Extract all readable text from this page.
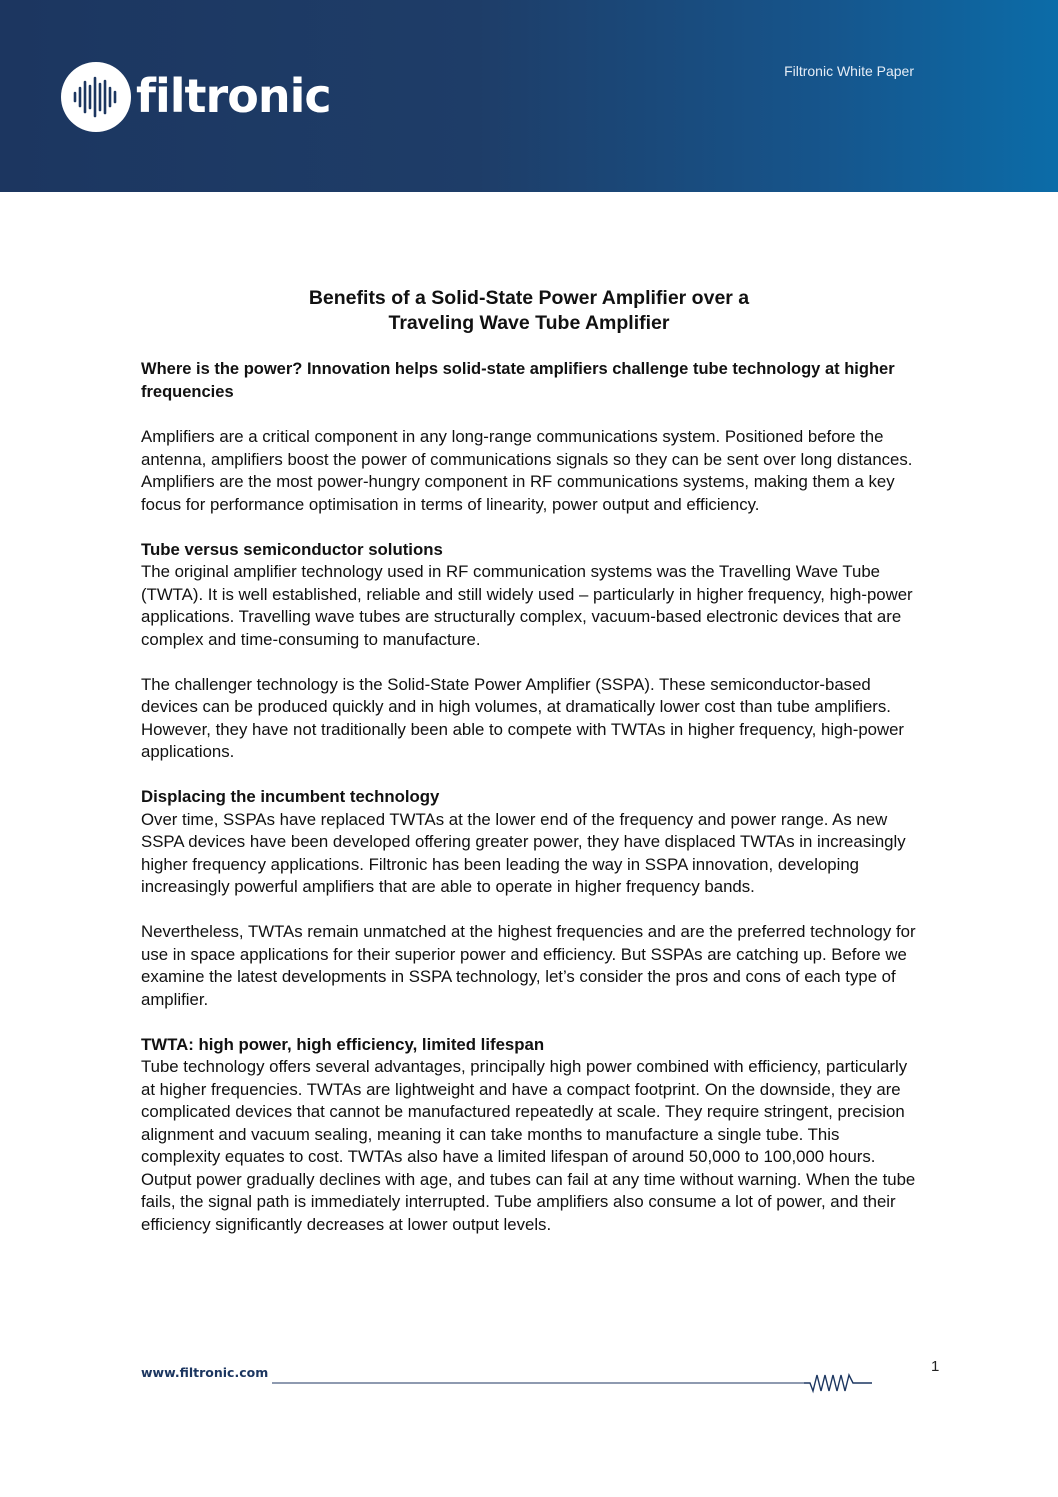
filtronic	Filtronic White Paper
Benefits of a Solid-State Power Amplifier over a
Traveling Wave Tube Amplifier
Where is the power? Innovation helps solid-state amplifiers challenge tube technology at higher frequencies

Amplifiers are a critical component in any long-range communications system. Positioned before the antenna, amplifiers boost the power of communications signals so they can be sent over long distances. Amplifiers are the most power-hungry component in RF communications systems, making them a key focus for performance optimisation in terms of linearity, power output and efficiency.

Tube versus semiconductor solutions

The original amplifier technology used in RF communication systems was the Travelling Wave Tube (TWTA). It is well established, reliable and still widely used – particularly in higher frequency, high-power applications. Travelling wave tubes are structurally complex, vacuum-based electronic devices that are complex and time-consuming to manufacture.

The challenger technology is the Solid-State Power Amplifier (SSPA). These semiconductor-based devices can be produced quickly and in high volumes, at dramatically lower cost than tube amplifiers. However, they have not traditionally been able to compete with TWTAs in higher frequency, high-power applications.

Displacing the incumbent technology

Over time, SSPAs have replaced TWTAs at the lower end of the frequency and power range. As new SSPA devices have been developed offering greater power, they have displaced TWTAs in increasingly higher frequency applications. Filtronic has been leading the way in SSPA innovation, developing increasingly powerful amplifiers that are able to operate in higher frequency bands.

Nevertheless, TWTAs remain unmatched at the highest frequencies and are the preferred technology for use in space applications for their superior power and efficiency. But SSPAs are catching up. Before we examine the latest developments in SSPA technology, let’s consider the pros and cons of each type of amplifier.

TWTA: high power, high efficiency, limited lifespan

Tube technology offers several advantages, principally high power combined with efficiency, particularly at higher frequencies. TWTAs are lightweight and have a compact footprint. On the downside, they are complicated devices that cannot be manufactured repeatedly at scale. They require stringent, precision alignment and vacuum sealing, meaning it can take months to manufacture a single tube. This complexity equates to cost. TWTAs also have a limited lifespan of around 50,000 to 100,000 hours. Output power gradually declines with age, and tubes can fail at any time without warning. When the tube fails, the signal path is immediately interrupted. Tube amplifiers also consume a lot of power, and their efficiency significantly decreases at lower output levels.

www.filtronic.com	1
